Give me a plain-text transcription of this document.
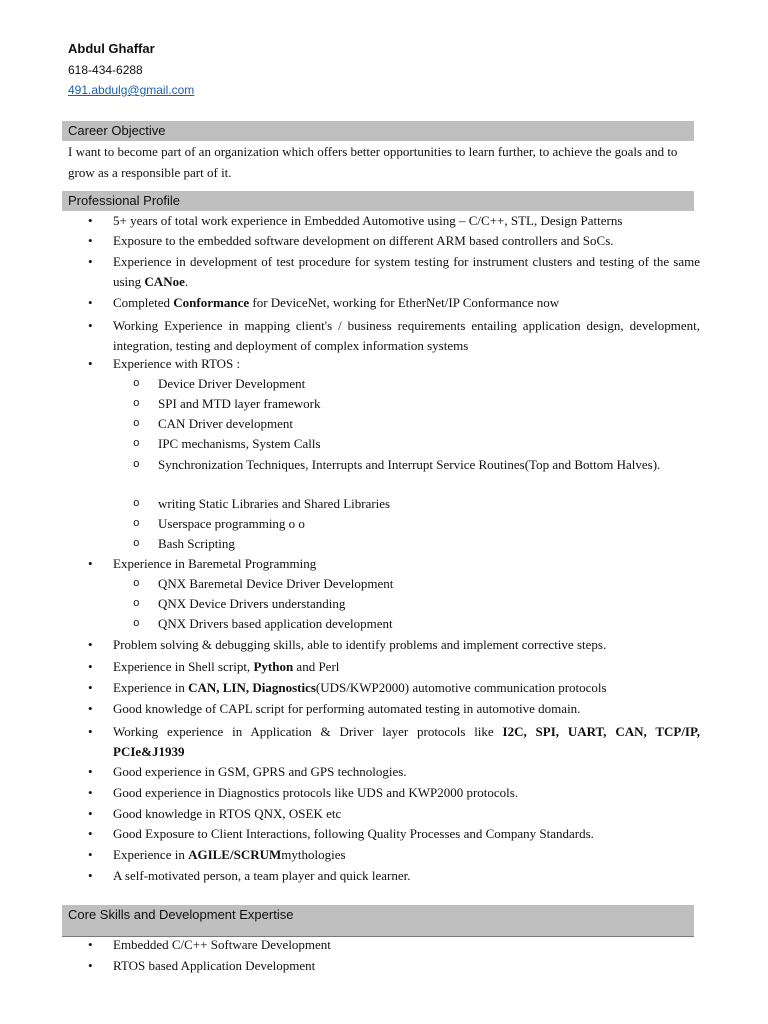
Abdul Ghaffar
618-434-6288
491.abdulg@gmail.com
Career Objective
I want to become part of an organization which offers better opportunities to learn further, to achieve the goals and to grow as a responsible part of it.
Professional Profile
• 5+ years of total work experience in Embedded Automotive using – C/C++, STL, Design Patterns
• Exposure to the embedded software development on different ARM based controllers and SoCs.
• Experience in development of test procedure for system testing for instrument clusters and testing of the same using CANoe.
• Completed Conformance for DeviceNet, working for EtherNet/IP Conformance now
• Working Experience in mapping client's / business requirements entailing application design, development, integration, testing and deployment of complex information systems
• Experience with RTOS :
o Device Driver Development
o SPI and MTD layer framework
o CAN Driver development
o IPC mechanisms, System Calls
o Synchronization Techniques, Interrupts and Interrupt Service Routines(Top and Bottom Halves).
o writing Static Libraries and Shared Libraries
o Userspace programming o o
o Bash Scripting
• Experience in Baremetal Programming
o QNX Baremetal Device Driver Development
o QNX Device Drivers understanding
o QNX Drivers based application development
• Problem solving & debugging skills, able to identify problems and implement corrective steps.
• Experience in Shell script, Python and Perl
• Experience in CAN, LIN, Diagnostics(UDS/KWP2000) automotive communication protocols
• Good knowledge of CAPL script for performing automated testing in automotive domain.
• Working experience in Application & Driver layer protocols like I2C, SPI, UART, CAN, TCP/IP, PCIe&J1939
• Good experience in GSM, GPRS and GPS technologies.
• Good experience in Diagnostics protocols like UDS and KWP2000 protocols.
• Good knowledge in RTOS QNX, OSEK etc
• Good Exposure to Client Interactions, following Quality Processes and Company Standards.
• Experience in AGILE/SCRUMmythologies
• A self-motivated person, a team player and quick learner.
Core Skills and Development Expertise
• Embedded C/C++ Software Development
• RTOS based Application Development
